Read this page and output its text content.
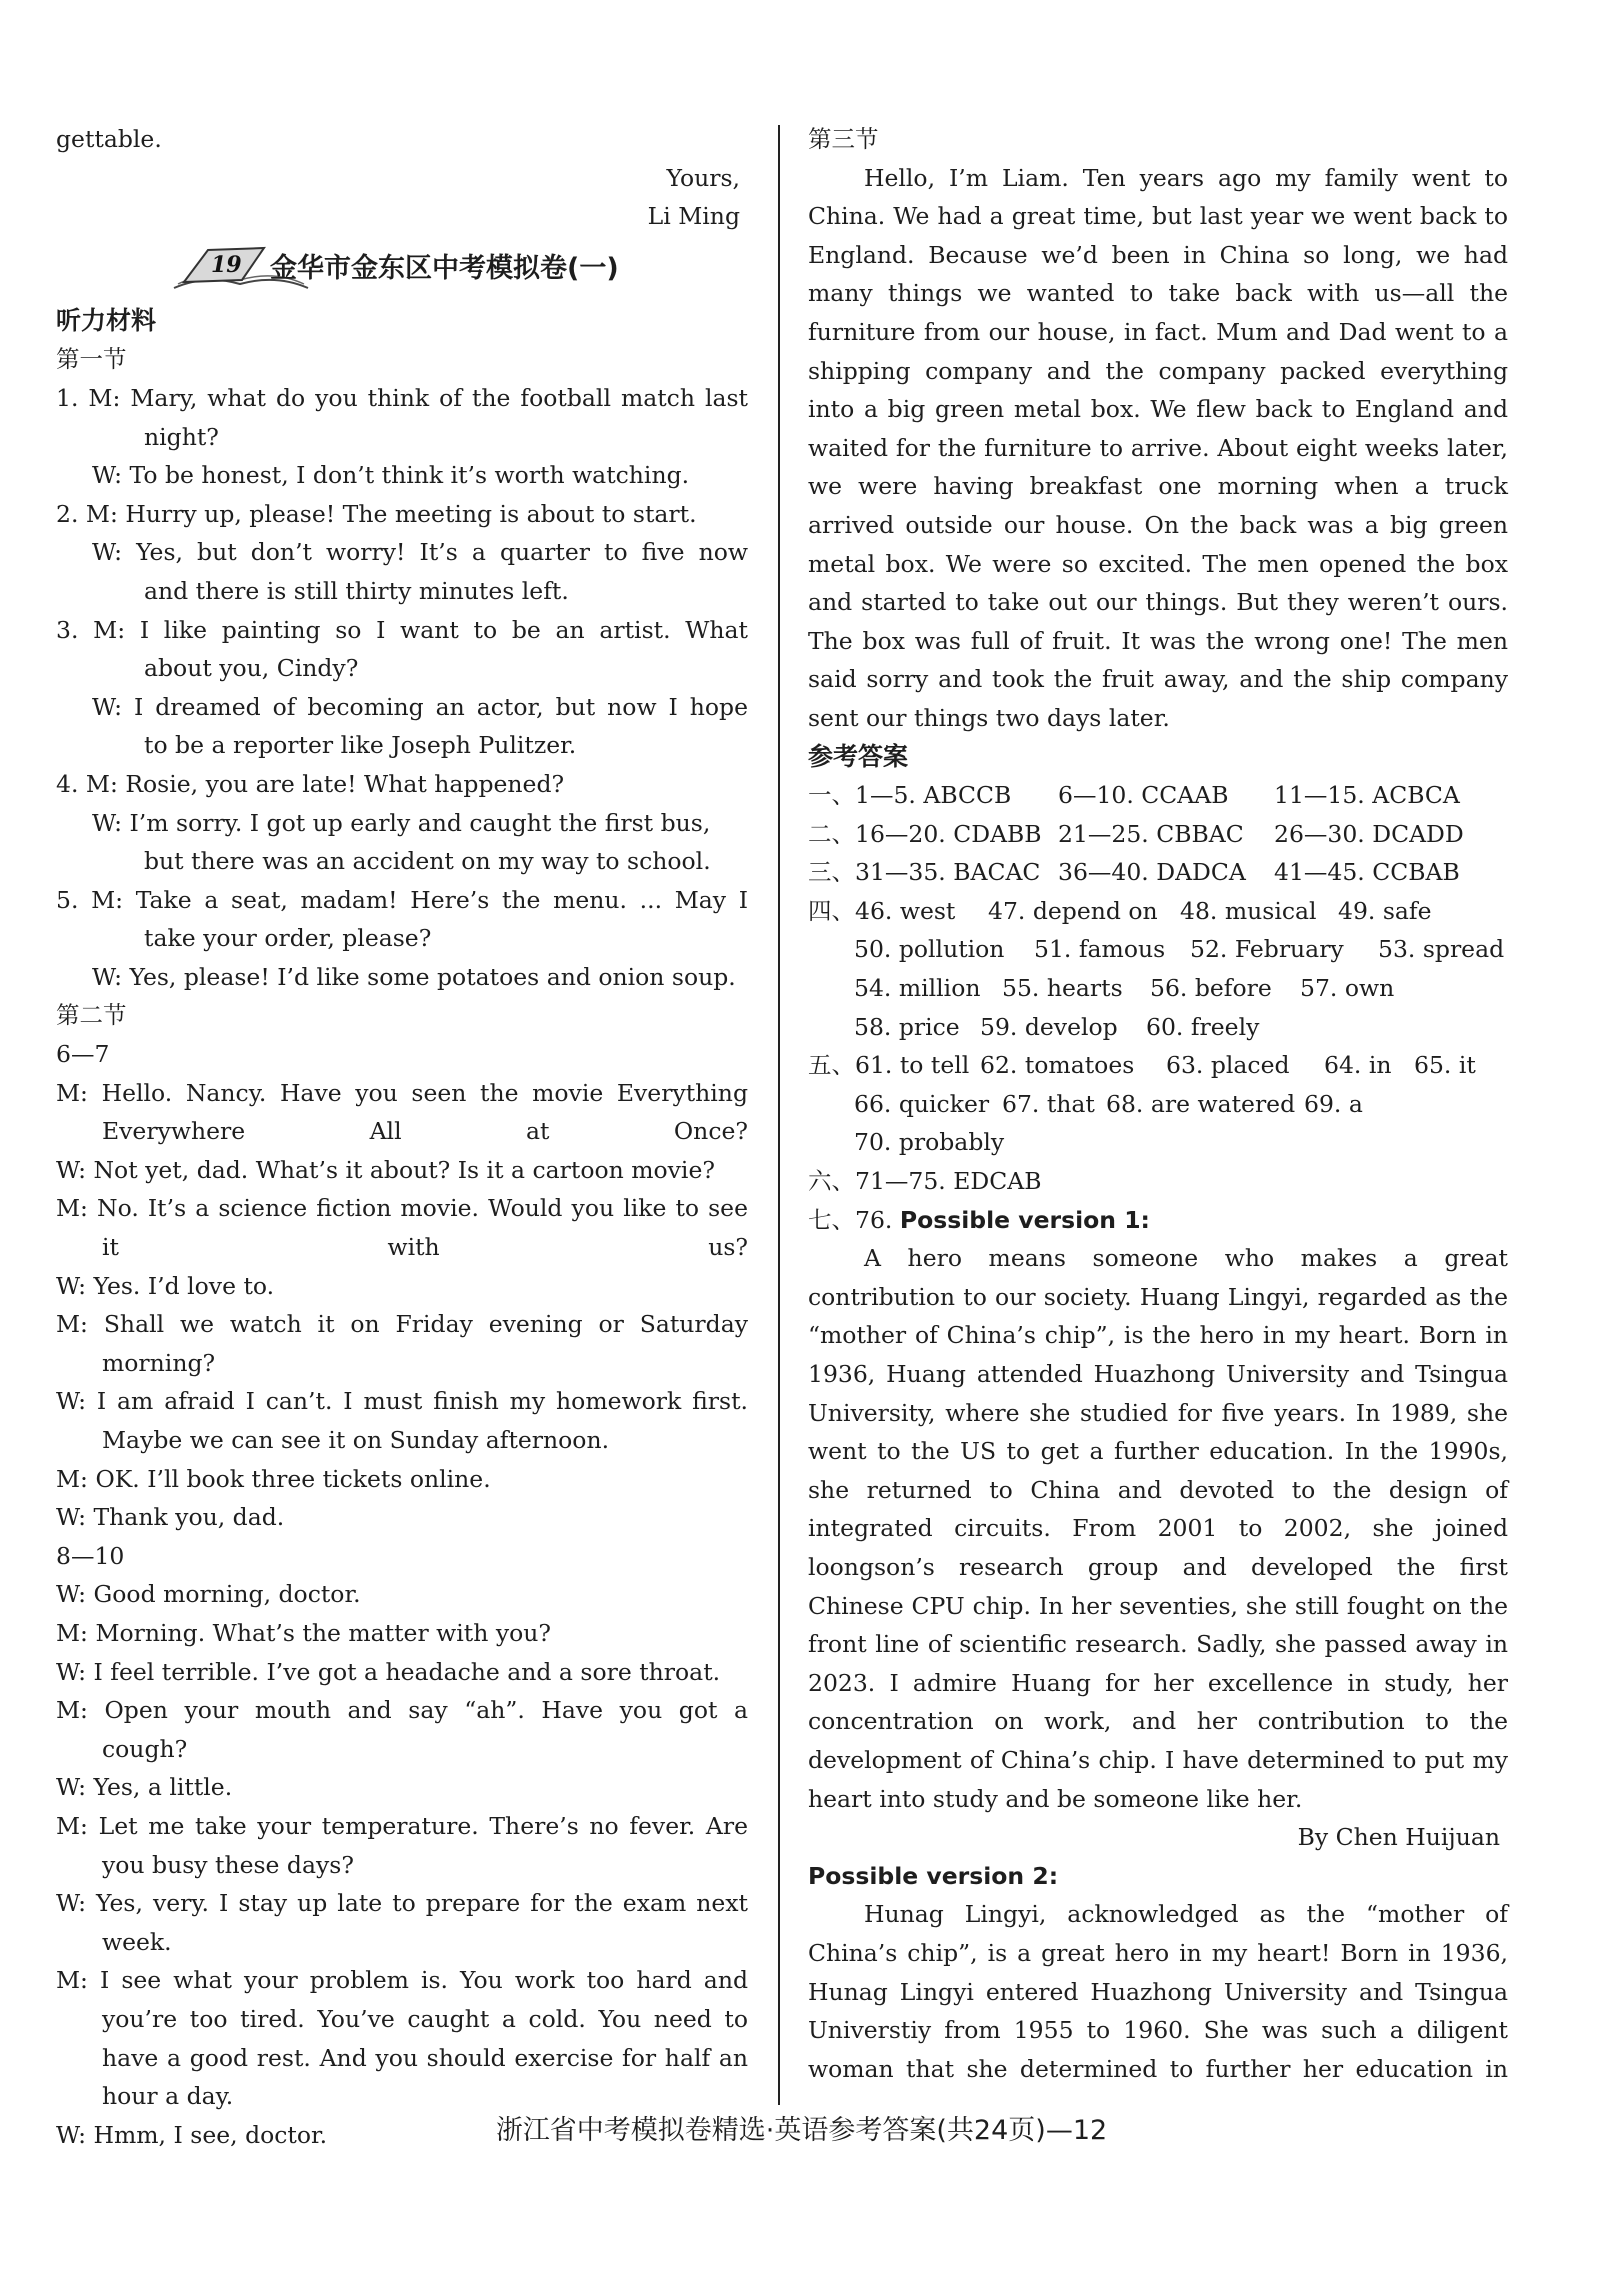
gettable.
Yours,
Li Ming
19 金华市金东区中考模拟卷(一)
听力材料
第一节
1. M: Mary, what do you think of the football match last
night?
W: To be honest, I don’t think it’s worth watching.
2. M: Hurry up, please! The meeting is about to start.
W: Yes, but don’t worry! It’s a quarter to five now
and there is still thirty minutes left.
3. M: I like painting so I want to be an artist. What
about you, Cindy?
W: I dreamed of becoming an actor, but now I hope
to be a reporter like Joseph Pulitzer.
4. M: Rosie, you are late! What happened?
W: I’m sorry. I got up early and caught the first bus,
but there was an accident on my way to school.
5. M: Take a seat, madam! Here’s the menu. ... May I
take your order, please?
W: Yes, please! I’d like some potatoes and onion soup.
第二节
6—7
M: Hello. Nancy. Have you seen the movie Everything Everywhere All at Once?
W: Not yet, dad. What’s it about? Is it a cartoon movie?
M: No. It’s a science fiction movie. Would you like to see it with us?
W: Yes. I’d love to.
M: Shall we watch it on Friday evening or Saturday morning?
W: I am afraid I can’t. I must finish my homework first. Maybe we can see it on Sunday afternoon.
M: OK. I’ll book three tickets online.
W: Thank you, dad.
8—10
W: Good morning, doctor.
M: Morning. What’s the matter with you?
W: I feel terrible. I’ve got a headache and a sore throat.
M: Open your mouth and say “ah”. Have you got a cough?
W: Yes, a little.
M: Let me take your temperature. There’s no fever. Are you busy these days?
W: Yes, very. I stay up late to prepare for the exam next week.
M: I see what your problem is. You work too hard and you’re too tired. You’ve caught a cold. You need to have a good rest. And you should exercise for half an hour a day.
W: Hmm, I see, doctor.
第三节
Hello, I’m Liam. Ten years ago my family went to China. We had a great time, but last year we went back to England. Because we’d been in China so long, we had many things we wanted to take back with us—all the furniture from our house, in fact. Mum and Dad went to a shipping company and the company packed everything into a big green metal box. We flew back to England and waited for the furniture to arrive. About eight weeks later, we were having breakfast one morning when a truck arrived outside our house. On the back was a big green metal box. We were so excited. The men opened the box and started to take out our things. But they weren’t ours. The box was full of fruit. It was the wrong one! The men said sorry and took the fruit away, and the ship company sent our things two days later.
参考答案
一、1—5. ABCCB 6—10. CCAAB 11—15. ACBCA
二、16—20. CDABB 21—25. CBBAC 26—30. DCADD
三、31—35. BACAC 36—40. DADCA 41—45. CCBAB
四、46. west 47. depend on 48. musical 49. safe
50. pollution 51. famous 52. February 53. spread
54. million 55. hearts 56. before 57. own
58. price 59. develop 60. freely
五、61. to tell 62. tomatoes 63. placed 64. in 65. it
66. quicker 67. that 68. are watered 69. a
70. probably
六、71—75. EDCAB
七、76. Possible version 1:
A hero means someone who makes a great contribution to our society. Huang Lingyi, regarded as the “mother of China’s chip”, is the hero in my heart. Born in 1936, Huang attended Huazhong University and Tsingua University, where she studied for five years. In 1989, she went to the US to get a further education. In the 1990s, she returned to China and devoted to the design of integrated circuits. From 2001 to 2002, she joined loongson’s research group and developed the first Chinese CPU chip. In her seventies, she still fought on the front line of scientific research. Sadly, she passed away in 2023. I admire Huang for her excellence in study, her concentration on work, and her contribution to the development of China’s chip. I have determined to put my heart into study and be someone like her.
By Chen Huijuan
Possible version 2:
Hunag Lingyi, acknowledged as the “mother of China’s chip”, is a great hero in my heart! Born in 1936, Hunag Lingyi entered Huazhong University and Tsingua Universtiy from 1955 to 1960. She was such a diligent woman that she determined to further her education in
浙江省中考模拟卷精选·英语参考答案(共24页)—12
